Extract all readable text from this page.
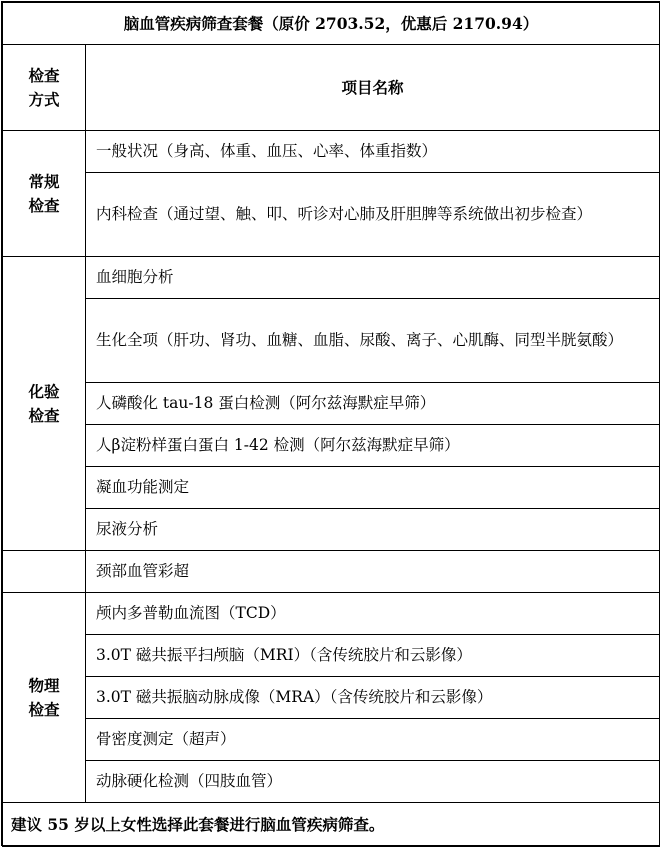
脑血管疾病筛查套餐（原价 2703.52，优惠后 2170.94）	
检查
方式	项目名称
常规
检查	一般状况（身高、体重、血压、心率、体重指数）
	内科检查（通过望、触、叩、听诊对心肺及肝胆脾等系统做出初步检查）
化验
检查	血细胞分析
	生化全项（肝功、肾功、血糖、血脂、尿酸、离子、心肌酶、同型半胱氨酸）
	人磷酸化 tau-18 蛋白检测（阿尔兹海默症早筛）
	人β淀粉样蛋白蛋白 1-42 检测（阿尔兹海默症早筛）
	凝血功能测定
	尿液分析
	颈部血管彩超
物理
检查	颅内多普勒血流图（TCD）
	3.0T 磁共振平扫颅脑（MRI）（含传统胶片和云影像）
	3.0T 磁共振脑动脉成像（MRA）（含传统胶片和云影像）
	骨密度测定（超声）
	动脉硬化检测（四肢血管）
建议 55 岁以上女性选择此套餐进行脑血管疾病筛查。	
